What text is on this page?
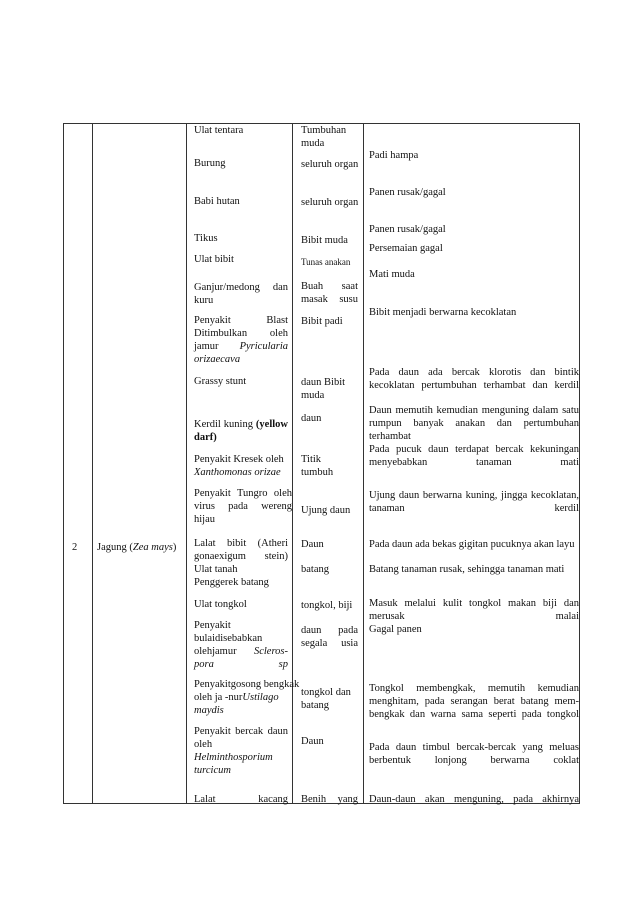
2 Jagung (Zea mays)
Ulat tentara
Burung
Babi hutan
Tikus
Ulat bibit
Ganjur/medong dan kuru
Penyakit Blast Ditimbulkan oleh jamur Pyricularia orizaecava
Grassy stunt
Kerdil kuning (yellow darf)
Penyakit Kresek oleh Xanthomonas orizae
Penyakit Tungro oleh virus pada wereng hijau
Lalat bibit (Atheri gonaexigum stein)
Ulat tanah
Penggerek batang
Ulat tongkol
Penyakit bulaidisebabkan olehjamur Scleros-pora sp
Penyakitgosong bengkak oleh ja -nurUstilago maydis
Penyakit bercak daun oleh Helminthosporium turcicum
Lalat kacang
Tumbuhan muda
seluruh organ
seluruh organ
Bibit muda
Tunas anakan
Buah saat masak susu
Bibit padi
daun Bibit muda
daun
Titik tumbuh
Ujung daun
Daun
batang
tongkol, biji
daun pada segala usia
tongkol dan batang
Daun
Benih yang
Padi hampa
Panen rusak/gagal
Panen rusak/gagal
Persemaian gagal
Mati muda
Bibit menjadi berwarna kecoklatan
Pada daun ada bercak klorotis dan bintik kecoklatan pertumbuhan terhambat dan kerdil
Daun memutih kemudian menguning dalam satu rumpun banyak anakan dan pertumbuhan terhambat
Pada pucuk daun terdapat bercak kekuningan menyebabkan tanaman mati
Ujung daun berwarna kuning, jingga kecoklatan, tanaman kerdil
Pada daun ada bekas gigitan pucuknya akan layu
Batang tanaman rusak, sehingga tanaman mati
Masuk melalui kulit tongkol makan biji dan merusak malai
Gagal panen
Tongkol membengkak, memutih kemudian menghitam, pada serangan berat batang mem-bengkak dan warna sama seperti pada tongkol
Pada daun timbul bercak-bercak yang meluas berbentuk lonjong berwarna coklat
Daun-daun akan menguning, pada akhirnya
